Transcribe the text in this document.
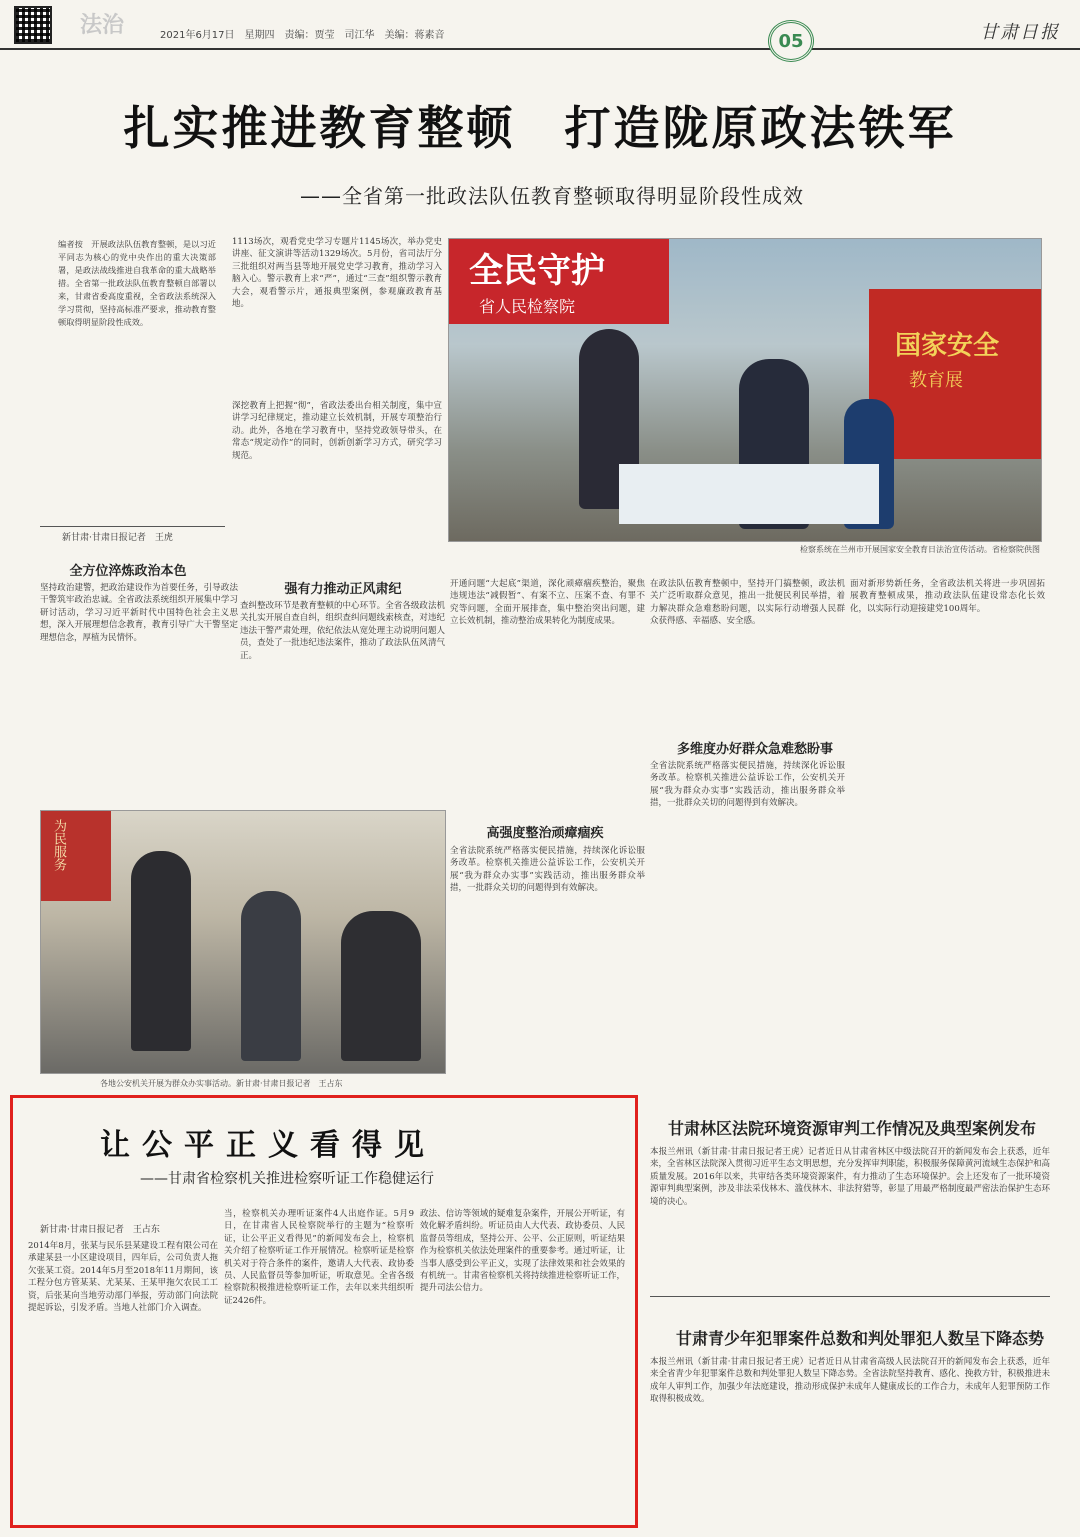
法治	2021年6月17日　星期四　责编：贾莹　司江华　美编：蒋素音	05	甘肃日报
扎实推进教育整顿　打造陇原政法铁军
——全省第一批政法队伍教育整顿取得明显阶段性成效
编者按　开展政法队伍教育整顿，是以习近平同志为核心的党中央作出的重大决策部署，是政法战线推进自我革命的重大战略举措。全省第一批政法队伍教育整顿自部署以来，甘肃省委高度重视，全省政法系统深入学习贯彻，坚持高标准严要求，推动教育整顿取得明显阶段性成效。
新甘肃·甘肃日报记者　王虎
1113场次，观看党史学习专题片1145场次，举办党史讲座、征文演讲等活动1329场次。5月份，省司法厅分三批组织对两当县等地开展党史学习教育，推动学习入脑入心。警示教育上求“严”，通过“三查”组织警示教育大会，观看警示片，通报典型案例，参观廉政教育基地。
深挖教育上把握“彻”，省政法委出台相关制度，集中宣讲学习纪律规定，推动建立长效机制，开展专项整治行动。此外，各地在学习教育中，坚持党政领导带头，在常态“规定动作”的同时，创新创新学习方式，研究学习规范。
全民守护
省人民检察院
国家安全
教育展
检察系统在兰州市开展国家安全教育日法治宣传活动。省检察院供图
全方位淬炼政治本色
坚持政治建警，把政治建设作为首要任务，引导政法干警筑牢政治忠诚。全省政法系统组织开展集中学习研讨活动，学习习近平新时代中国特色社会主义思想，深入开展理想信念教育，教育引导广大干警坚定理想信念，厚植为民情怀。
强有力推动正风肃纪
查纠整改环节是教育整顿的中心环节。全省各级政法机关扎实开展自查自纠，组织查纠问题线索核查，对违纪违法干警严肃处理，依纪依法从宽处理主动说明问题人员，查处了一批违纪违法案件，推动了政法队伍风清气正。
开通问题“大起底”渠道，深化顽瘴痼疾整治，聚焦违规违法“减假暂”、有案不立、压案不查、有罪不究等问题，全面开展排查，集中整治突出问题，建立长效机制，推动整治成果转化为制度成果。
高强度整治顽瘴痼疾
全省法院系统严格落实便民措施，持续深化诉讼服务改革。检察机关推进公益诉讼工作，公安机关开展“我为群众办实事”实践活动，推出服务群众举措，一批群众关切的问题得到有效解决。
在政法队伍教育整顿中，坚持开门搞整顿，政法机关广泛听取群众意见，推出一批便民利民举措，着力解决群众急难愁盼问题，以实际行动增强人民群众获得感、幸福感、安全感。
多维度办好群众急难愁盼事
全省法院系统严格落实便民措施，持续深化诉讼服务改革。检察机关推进公益诉讼工作，公安机关开展“我为群众办实事”实践活动，推出服务群众举措，一批群众关切的问题得到有效解决。
面对新形势新任务，全省政法机关将进一步巩固拓展教育整顿成果，推动政法队伍建设常态化长效化，以实际行动迎接建党100周年。
为民服务
各地公安机关开展为群众办实事活动。新甘肃·甘肃日报记者　王占东
让公平正义看得见
——甘肃省检察机关推进检察听证工作稳健运行
新甘肃·甘肃日报记者　王占东
2014年8月，张某与民乐县某建设工程有限公司在承建某县一小区建设项目，四年后，公司负责人拖欠张某工资。2014年5月至2018年11月期间，该工程分包方管某某、尤某某、王某甲拖欠农民工工资，后张某向当地劳动部门举报，劳动部门向法院提起诉讼，引发矛盾。当地人社部门介入调查。
当，检察机关办理听证案件4人出庭作证。5月9日，在甘肃省人民检察院举行的主题为“检察听证，让公平正义看得见”的新闻发布会上，检察机关介绍了检察听证工作开展情况。检察听证是检察机关对于符合条件的案件，邀请人大代表、政协委员、人民监督员等参加听证，听取意见。全省各级检察院积极推进检察听证工作，去年以来共组织听证2426件。
政法、信访等领域的疑难复杂案件，开展公开听证，有效化解矛盾纠纷。听证员由人大代表、政协委员、人民监督员等组成，坚持公开、公平、公正原则，听证结果作为检察机关依法处理案件的重要参考。通过听证，让当事人感受到公平正义，实现了法律效果和社会效果的有机统一。甘肃省检察机关将持续推进检察听证工作，提升司法公信力。
甘肃林区法院环境资源审判工作情况及典型案例发布
本报兰州讯（新甘肃·甘肃日报记者王虎）记者近日从甘肃省林区中级法院召开的新闻发布会上获悉，近年来，全省林区法院深入贯彻习近平生态文明思想，充分发挥审判职能，积极服务保障黄河流域生态保护和高质量发展。2016年以来，共审结各类环境资源案件，有力推动了生态环境保护。会上还发布了一批环境资源审判典型案例，涉及非法采伐林木、滥伐林木、非法狩猎等，彰显了用最严格制度最严密法治保护生态环境的决心。
甘肃青少年犯罪案件总数和判处罪犯人数呈下降态势
本报兰州讯（新甘肃·甘肃日报记者王虎）记者近日从甘肃省高级人民法院召开的新闻发布会上获悉，近年来全省青少年犯罪案件总数和判处罪犯人数呈下降态势。全省法院坚持教育、感化、挽救方针，积极推进未成年人审判工作，加强少年法庭建设，推动形成保护未成年人健康成长的工作合力，未成年人犯罪预防工作取得积极成效。
